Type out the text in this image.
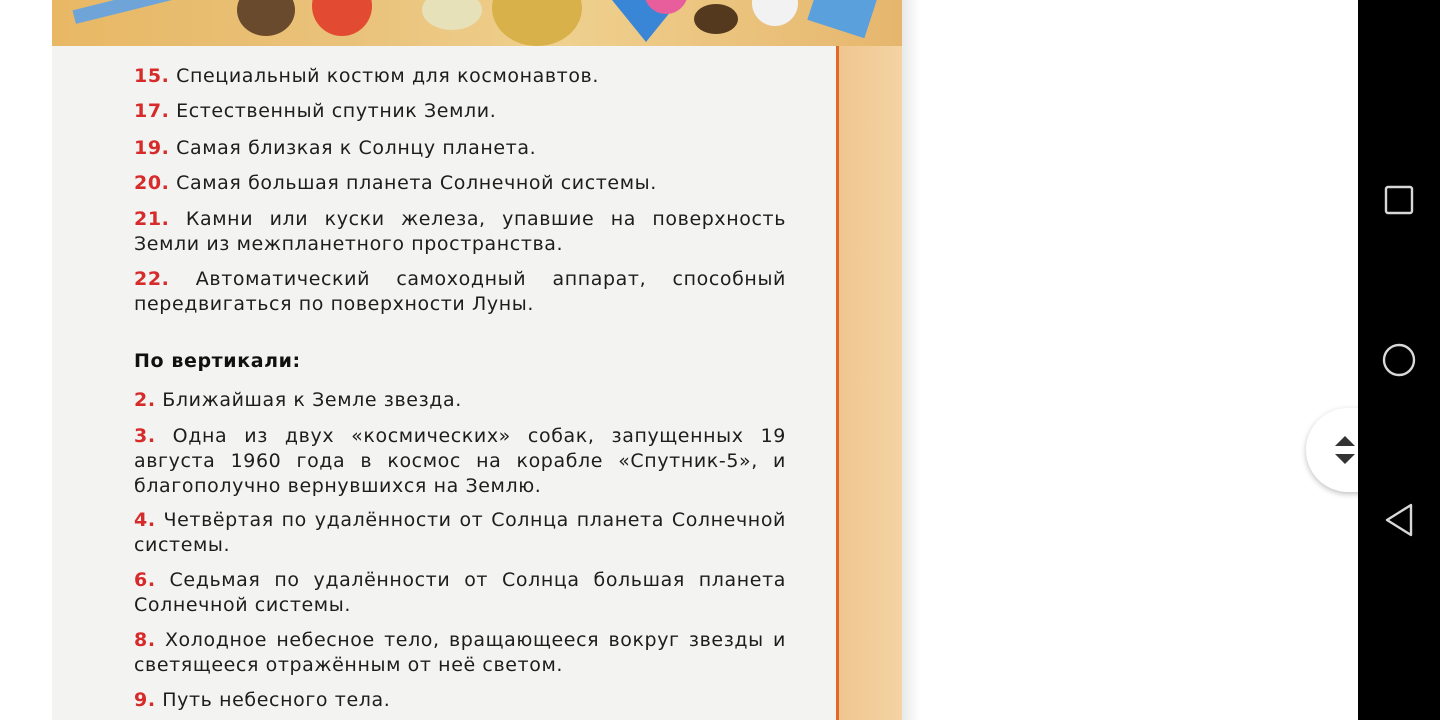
15. Специальный костюм для космонавтов.
17. Естественный спутник Земли.
19. Самая близкая к Солнцу планета.
20. Самая большая планета Солнечной системы.
21. Камни или куски железа, упавшие на поверхность Земли из межпланетного пространства.
22. Автоматический самоходный аппарат, способный передвигаться по поверхности Луны.
По вертикали:
2. Ближайшая к Земле звезда.
3. Одна из двух «космических» собак, запущенных 19 августа 1960 года в космос на корабле «Спутник-5», и благополучно вернувшихся на Землю.
4. Четвёртая по удалённости от Солнца планета Солнечной системы.
6. Седьмая по удалённости от Солнца большая планета Солнечной системы.
8. Холодное небесное тело, вращающееся вокруг звезды и светящееся отражённым от неё светом.
9. Путь небесного тела.
